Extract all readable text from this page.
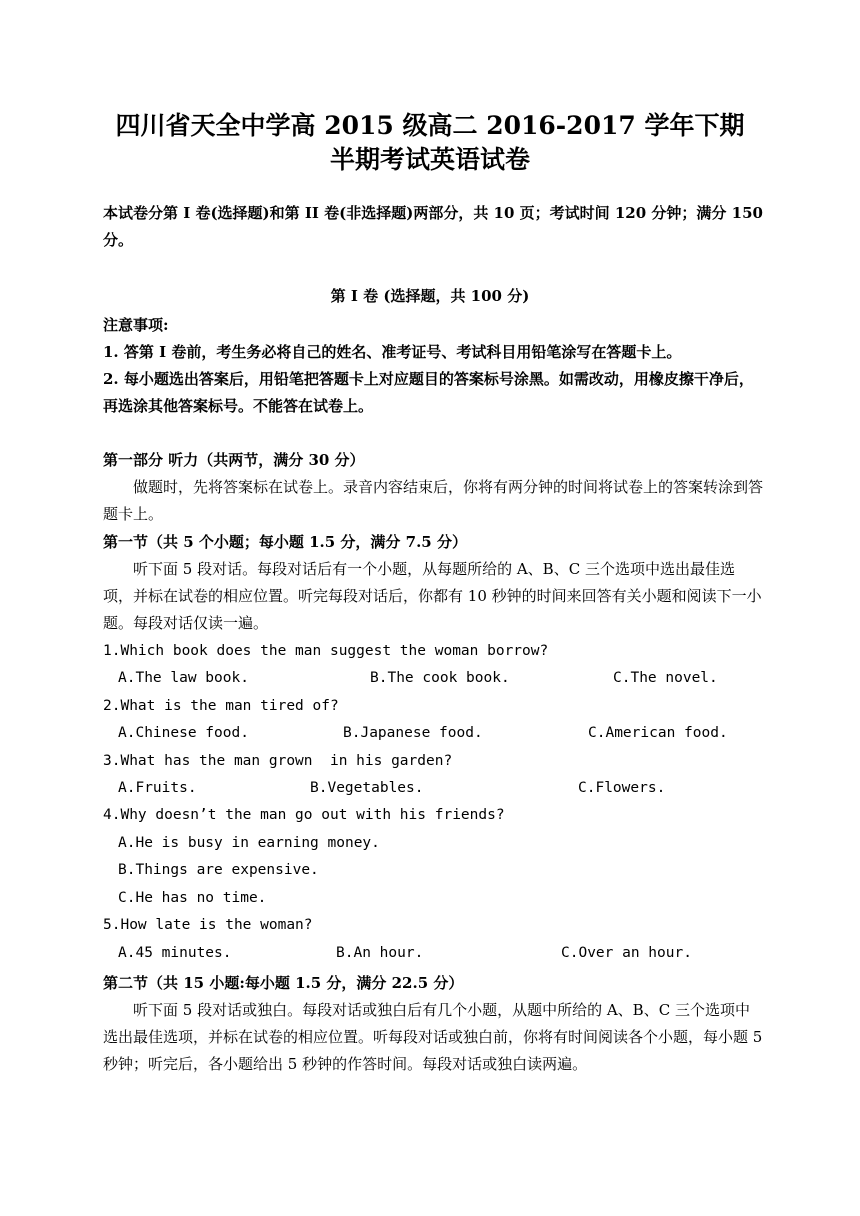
四川省天全中学高 2015 级高二 2016-2017 学年下期
半期考试英语试卷
本试卷分第 I 卷(选择题)和第 II 卷(非选择题)两部分，共 10 页；考试时间 120 分钟；满分 150 分。
第 I 卷 (选择题，共 100 分)
注意事项:
1. 答第 I 卷前，考生务必将自己的姓名、准考证号、考试科目用铅笔涂写在答题卡上。
2. 每小题选出答案后，用铅笔把答题卡上对应题目的答案标号涂黑。如需改动，用橡皮擦干净后，再选涂其他答案标号。不能答在试卷上。
第一部分 听力（共两节，满分 30 分）
做题时，先将答案标在试卷上。录音内容结束后，你将有两分钟的时间将试卷上的答案转涂到答题卡上。
第一节（共 5 个小题；每小题 1.5 分，满分 7.5 分）
听下面 5 段对话。每段对话后有一个小题，从每题所给的 A、B、C 三个选项中选出最佳选项，并标在试卷的相应位置。听完每段对话后，你都有 10 秒钟的时间来回答有关小题和阅读下一小题。每段对话仅读一遍。
1.Which book does the man suggest the woman borrow?
A.The law book.	B.The cook book.	C.The novel.
2.What is the man tired of?
A.Chinese food.	B.Japanese food.	C.American food.
3.What has the man grown  in his garden?
A.Fruits.	B.Vegetables.	C.Flowers.
4.Why doesn’t the man go out with his friends?
A.He is busy in earning money.
B.Things are expensive.
C.He has no time.
5.How late is the woman?
A.45 minutes.	B.An hour.	C.Over an hour.
第二节（共 15 小题:每小题 1.5 分，满分 22.5 分）
听下面 5 段对话或独白。每段对话或独白后有几个小题，从题中所给的 A、B、C 三个选项中选出最佳选项，并标在试卷的相应位置。听每段对话或独白前，你将有时间阅读各个小题，每小题 5 秒钟；听完后，各小题给出 5 秒钟的作答时间。每段对话或独白读两遍。
